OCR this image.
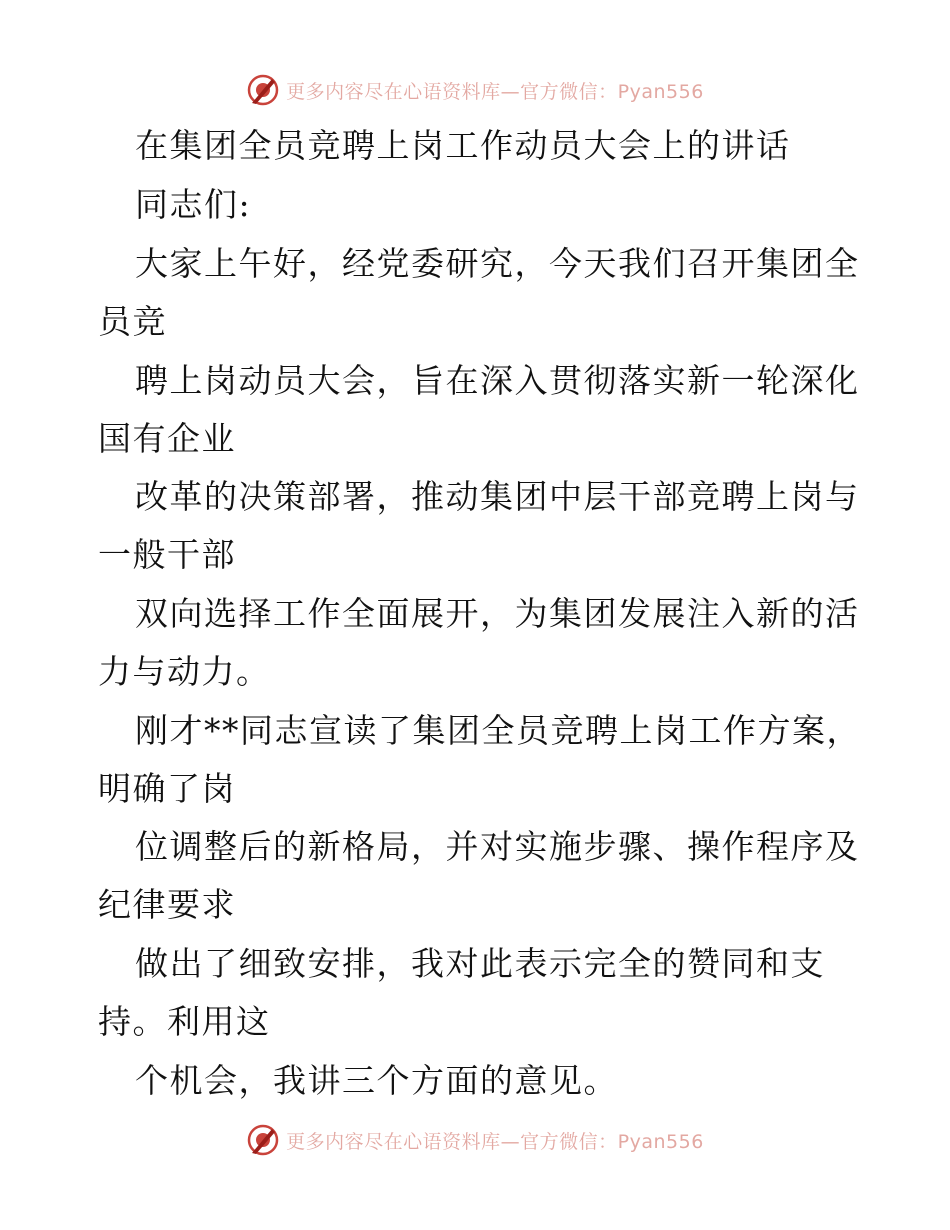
更多内容尽在心语资料库—官方微信：Pyan556
在集团全员竞聘上岗工作动员大会上的讲话
同志们:
大家上午好，经党委研究，今天我们召开集团全
员竞
聘上岗动员大会，旨在深入贯彻落实新一轮深化
国有企业
改革的决策部署，推动集团中层干部竞聘上岗与
一般干部
双向选择工作全面展开，为集团发展注入新的活
力与动力。
刚才**同志宣读了集团全员竞聘上岗工作方案，
明确了岗
位调整后的新格局，并对实施步骤、操作程序及
纪律要求
做出了细致安排，我对此表示完全的赞同和支
持。利用这
个机会，我讲三个方面的意见。
更多内容尽在心语资料库—官方微信：Pyan556
